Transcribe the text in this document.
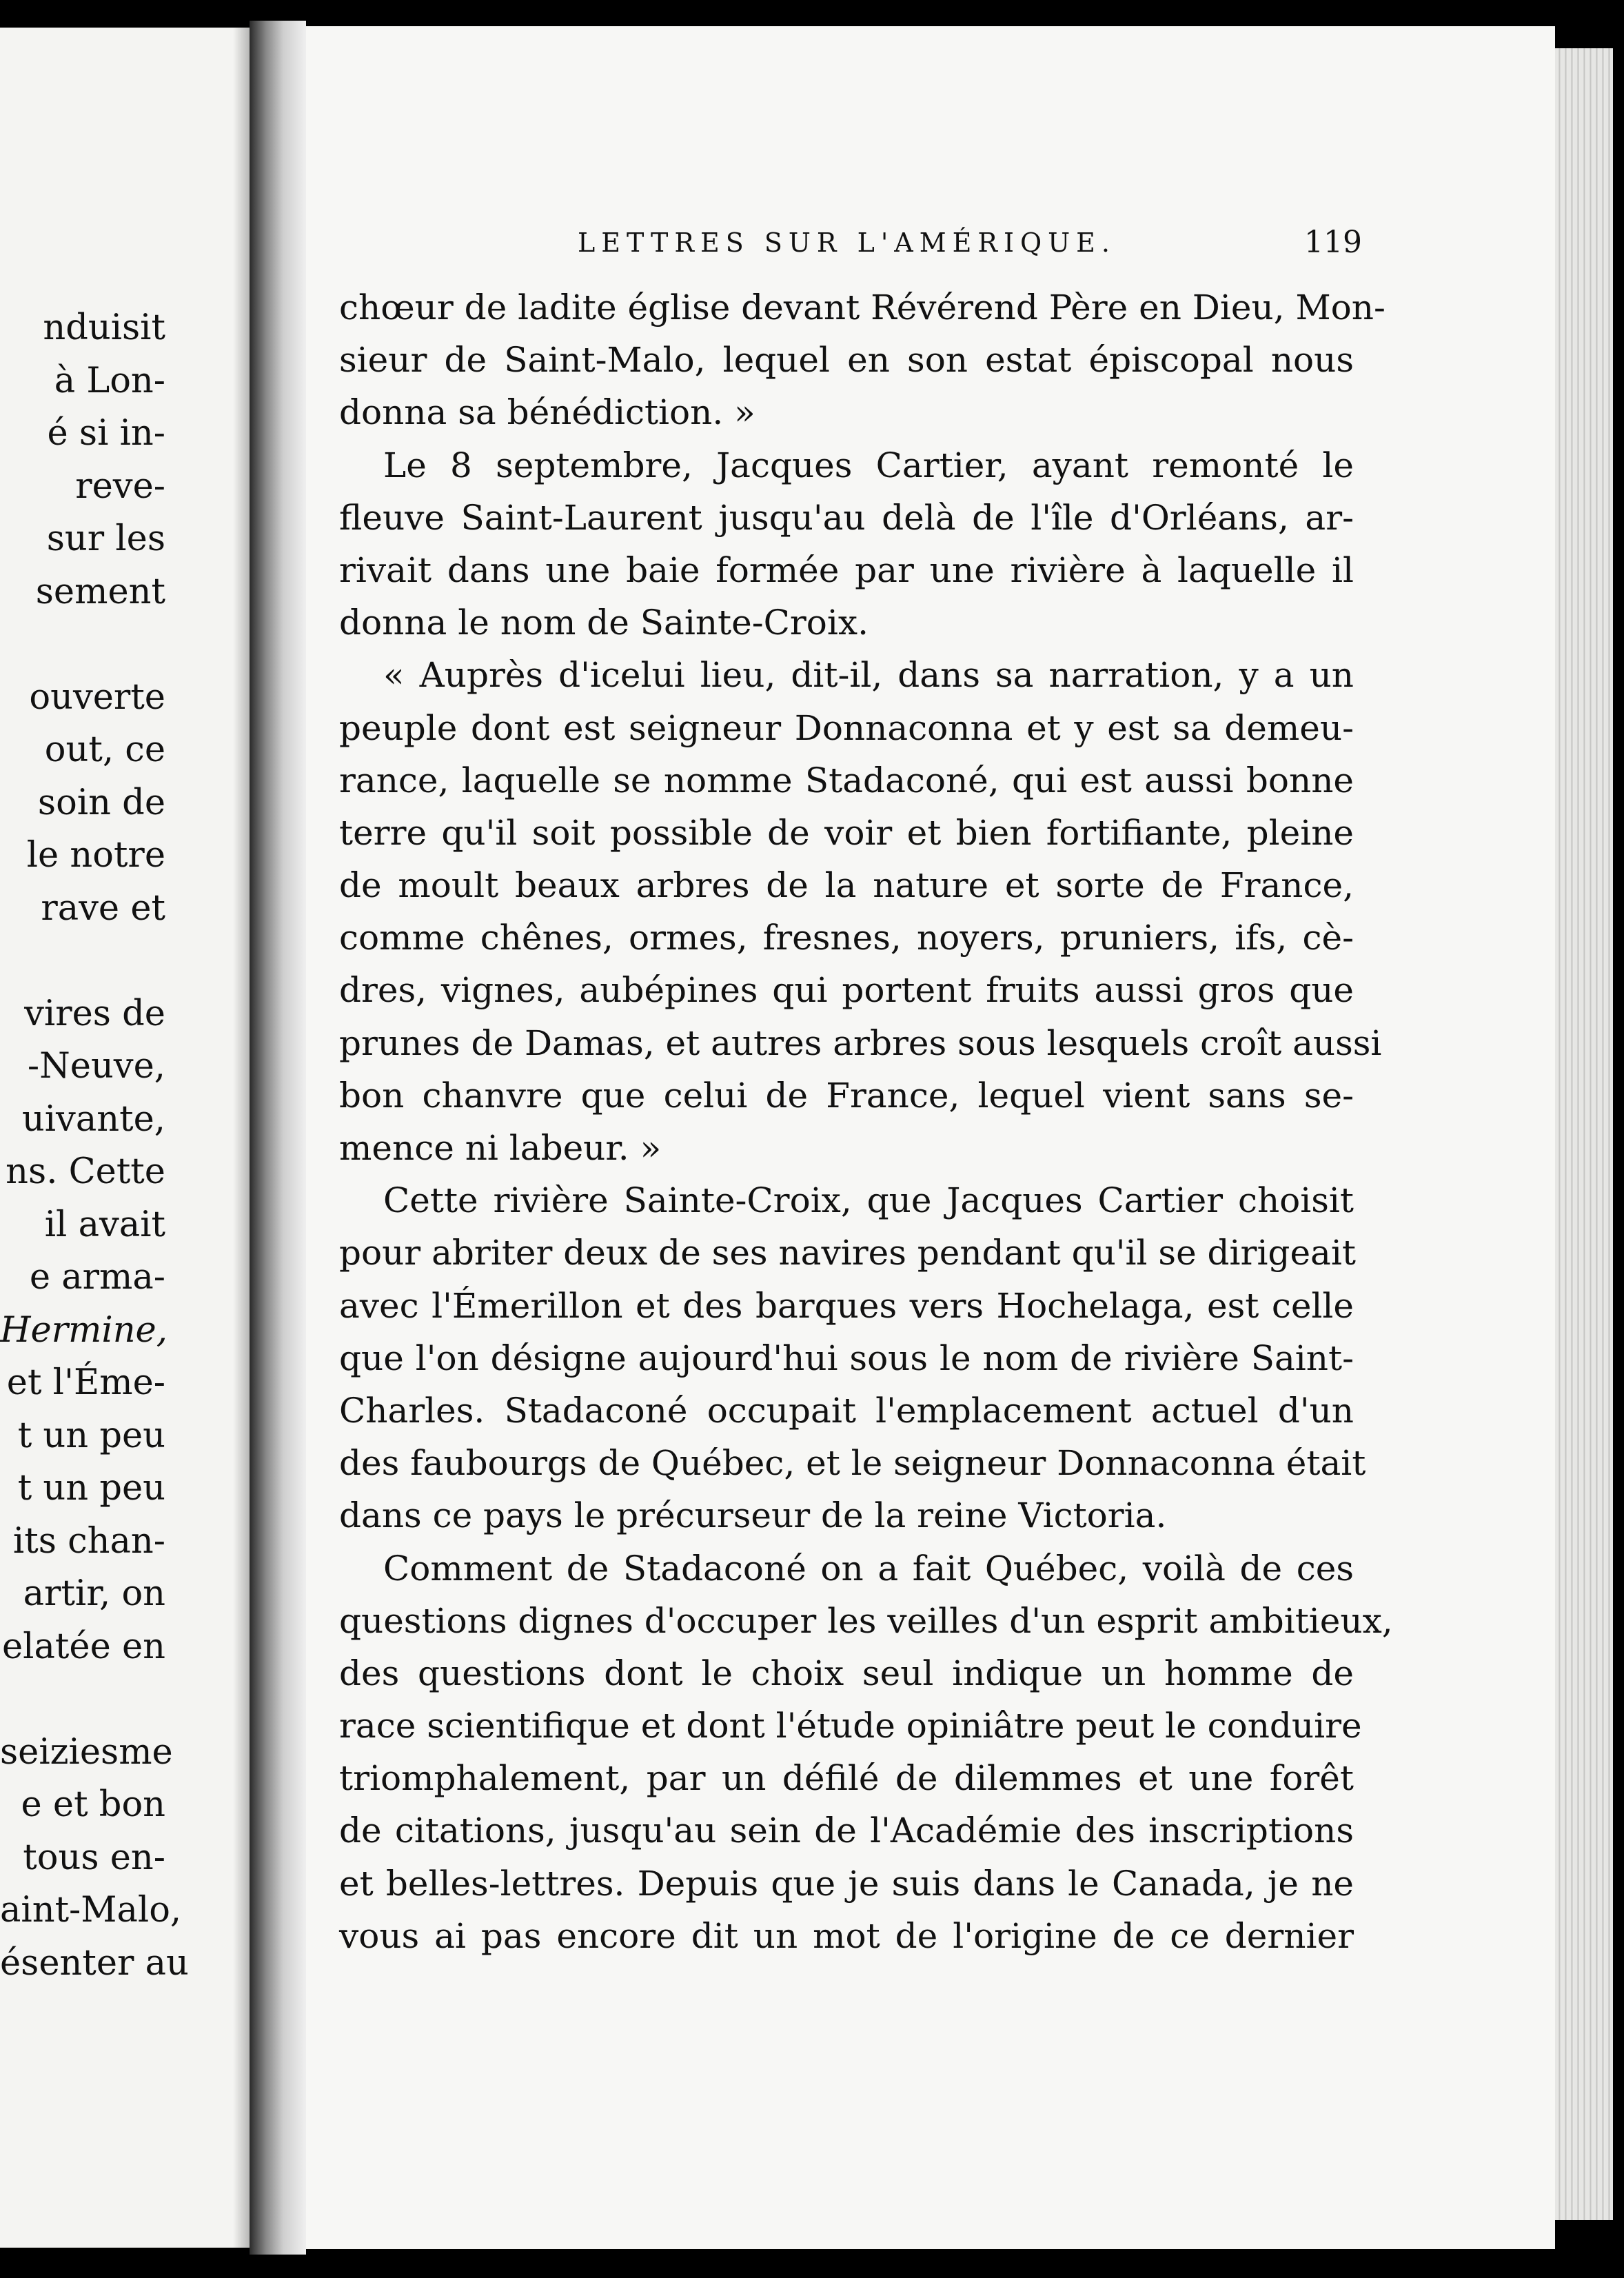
nduisit
à Lon-
é si in-
reve-
sur les
sement
ouverte
out, ce
soin de
le notre
rave et
vires de
-Neuve,
uivante,
ns. Cette
il avait
e arma-
Hermine,
et l'Éme-
t un peu
t un peu
its chan-
artir, on
elatée en
seiziesme
e et bon
tous en-
aint-Malo,
ésenter au
LETTRES SUR L'AMÉRIQUE.	119
chœur de ladite église devant Révérend Père en Dieu, Mon-
sieur de Saint-Malo, lequel en son estat épiscopal nous
donna sa bénédiction. »
Le 8 septembre, Jacques Cartier, ayant remonté le
fleuve Saint-Laurent jusqu'au delà de l'île d'Orléans, ar-
rivait dans une baie formée par une rivière à laquelle il
donna le nom de Sainte-Croix.
« Auprès d'icelui lieu, dit-il, dans sa narration, y a un
peuple dont est seigneur Donnaconna et y est sa demeu-
rance, laquelle se nomme Stadaconé, qui est aussi bonne
terre qu'il soit possible de voir et bien fortifiante, pleine
de moult beaux arbres de la nature et sorte de France,
comme chênes, ormes, fresnes, noyers, pruniers, ifs, cè-
dres, vignes, aubépines qui portent fruits aussi gros que
prunes de Damas, et autres arbres sous lesquels croît aussi
bon chanvre que celui de France, lequel vient sans se-
mence ni labeur. »
Cette rivière Sainte-Croix, que Jacques Cartier choisit
pour abriter deux de ses navires pendant qu'il se dirigeait
avec l'Émerillon et des barques vers Hochelaga, est celle
que l'on désigne aujourd'hui sous le nom de rivière Saint-
Charles. Stadaconé occupait l'emplacement actuel d'un
des faubourgs de Québec, et le seigneur Donnaconna était
dans ce pays le précurseur de la reine Victoria.
Comment de Stadaconé on a fait Québec, voilà de ces
questions dignes d'occuper les veilles d'un esprit ambitieux,
des questions dont le choix seul indique un homme de
race scientifique et dont l'étude opiniâtre peut le conduire
triomphalement, par un défilé de dilemmes et une forêt
de citations, jusqu'au sein de l'Académie des inscriptions
et belles-lettres. Depuis que je suis dans le Canada, je ne
vous ai pas encore dit un mot de l'origine de ce dernier
